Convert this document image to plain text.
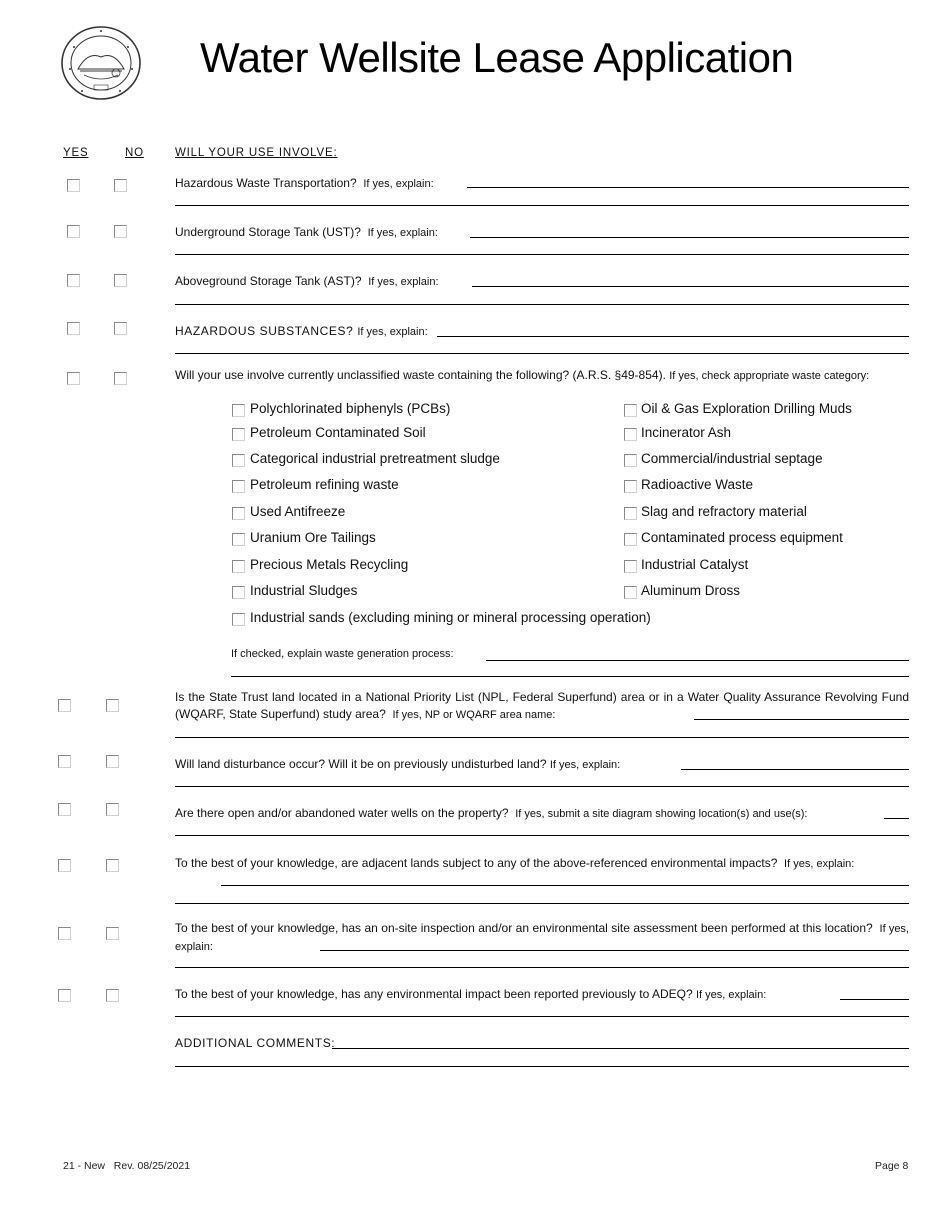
Water Wellsite Lease Application
YES	NO	WILL YOUR USE INVOLVE:
Hazardous Waste Transportation? If yes, explain:
Underground Storage Tank (UST)? If yes, explain:
Aboveground Storage Tank (AST)? If yes, explain:
HAZARDOUS SUBSTANCES? If yes, explain:
Will your use involve currently unclassified waste containing the following? (A.R.S. §49-854). If yes, check appropriate waste category:
Polychlorinated biphenyls (PCBs)
Petroleum Contaminated Soil
Categorical industrial pretreatment sludge
Petroleum refining waste
Used Antifreeze
Uranium Ore Tailings
Precious Metals Recycling
Industrial Sludges
Industrial sands (excluding mining or mineral processing operation)
Oil & Gas Exploration Drilling Muds
Incinerator Ash
Commercial/industrial septage
Radioactive Waste
Slag and refractory material
Contaminated process equipment
Industrial Catalyst
Aluminum Dross
If checked, explain waste generation process:
Is the State Trust land located in a National Priority List (NPL, Federal Superfund) area or in a Water Quality Assurance Revolving Fund (WQARF, State Superfund) study area? If yes, NP or WQARF area name:
Will land disturbance occur? Will it be on previously undisturbed land? If yes, explain:
Are there open and/or abandoned water wells on the property? If yes, submit a site diagram showing location(s) and use(s):
To the best of your knowledge, are adjacent lands subject to any of the above-referenced environmental impacts? If yes, explain:
To the best of your knowledge, has an on-site inspection and/or an environmental site assessment been performed at this location? If yes, explain:
To the best of your knowledge, has any environmental impact been reported previously to ADEQ? If yes, explain:
ADDITIONAL COMMENTS:
21 - New   Rev. 08/25/2021	Page 8
